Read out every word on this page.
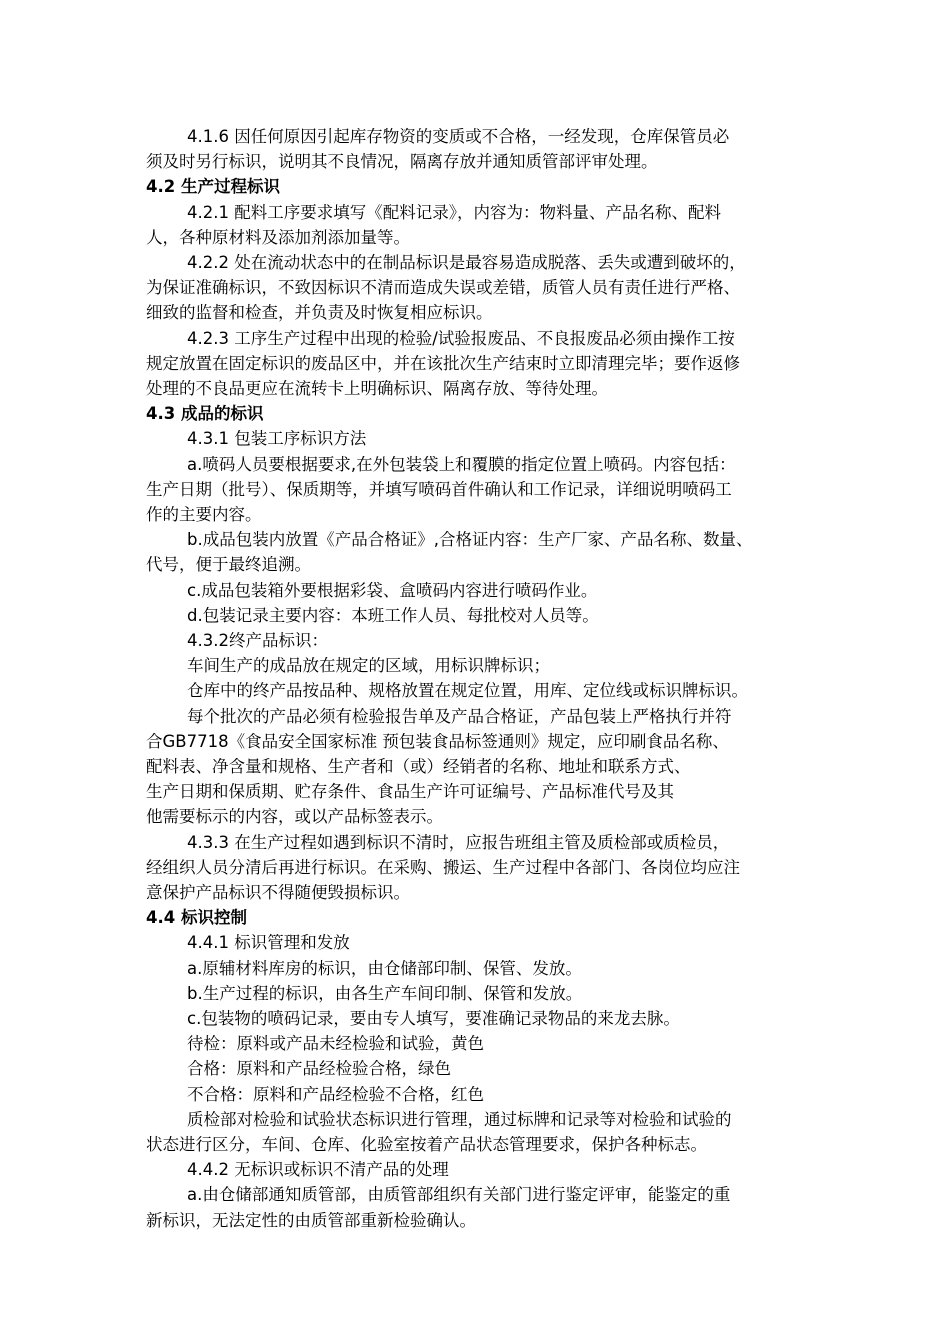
4.1.6 因任何原因引起库存物资的变质或不合格，一经发现，仓库保管员必
须及时另行标识，说明其不良情况，隔离存放并通知质管部评审处理。
4.2 生产过程标识
4.2.1 配料工序要求填写《配料记录》，内容为：物料量、产品名称、配料
人，各种原材料及添加剂添加量等。
4.2.2 处在流动状态中的在制品标识是最容易造成脱落、丢失或遭到破坏的，
为保证准确标识，不致因标识不清而造成失误或差错，质管人员有责任进行严格、
细致的监督和检查，并负责及时恢复相应标识。
4.2.3 工序生产过程中出现的检验/试验报废品、不良报废品必须由操作工按
规定放置在固定标识的废品区中，并在该批次生产结束时立即清理完毕；要作返修
处理的不良品更应在流转卡上明确标识、隔离存放、等待处理。
4.3 成品的标识
4.3.1 包装工序标识方法
a.喷码人员要根据要求,在外包装袋上和覆膜的指定位置上喷码。内容包括：
生产日期（批号）、保质期等，并填写喷码首件确认和工作记录，详细说明喷码工
作的主要内容。
b.成品包装内放置《产品合格证》,合格证内容：生产厂家、产品名称、数量、
代号，便于最终追溯。
c.成品包装箱外要根据彩袋、盒喷码内容进行喷码作业。
d.包装记录主要内容：本班工作人员、每批校对人员等。
4.3.2终产品标识：
车间生产的成品放在规定的区域，用标识牌标识；
仓库中的终产品按品种、规格放置在规定位置，用库、定位线或标识牌标识。
每个批次的产品必须有检验报告单及产品合格证，产品包装上严格执行并符
合GB7718《食品安全国家标准 预包装食品标签通则》规定，应印刷食品名称、
配料表、净含量和规格、生产者和（或）经销者的名称、地址和联系方式、
生产日期和保质期、贮存条件、食品生产许可证编号、产品标准代号及其
他需要标示的内容，或以产品标签表示。
4.3.3 在生产过程如遇到标识不清时，应报告班组主管及质检部或质检员，
经组织人员分清后再进行标识。在采购、搬运、生产过程中各部门、各岗位均应注
意保护产品标识不得随便毁损标识。
4.4 标识控制
4.4.1 标识管理和发放
a.原辅材料库房的标识，由仓储部印制、保管、发放。
b.生产过程的标识，由各生产车间印制、保管和发放。
c.包装物的喷码记录，要由专人填写，要准确记录物品的来龙去脉。
待检：原料或产品未经检验和试验，黄色
合格：原料和产品经检验合格，绿色
不合格：原料和产品经检验不合格，红色
质检部对检验和试验状态标识进行管理，通过标牌和记录等对检验和试验的
状态进行区分，车间、仓库、化验室按着产品状态管理要求，保护各种标志。
4.4.2 无标识或标识不清产品的处理
a.由仓储部通知质管部，由质管部组织有关部门进行鉴定评审，能鉴定的重
新标识，无法定性的由质管部重新检验确认。
